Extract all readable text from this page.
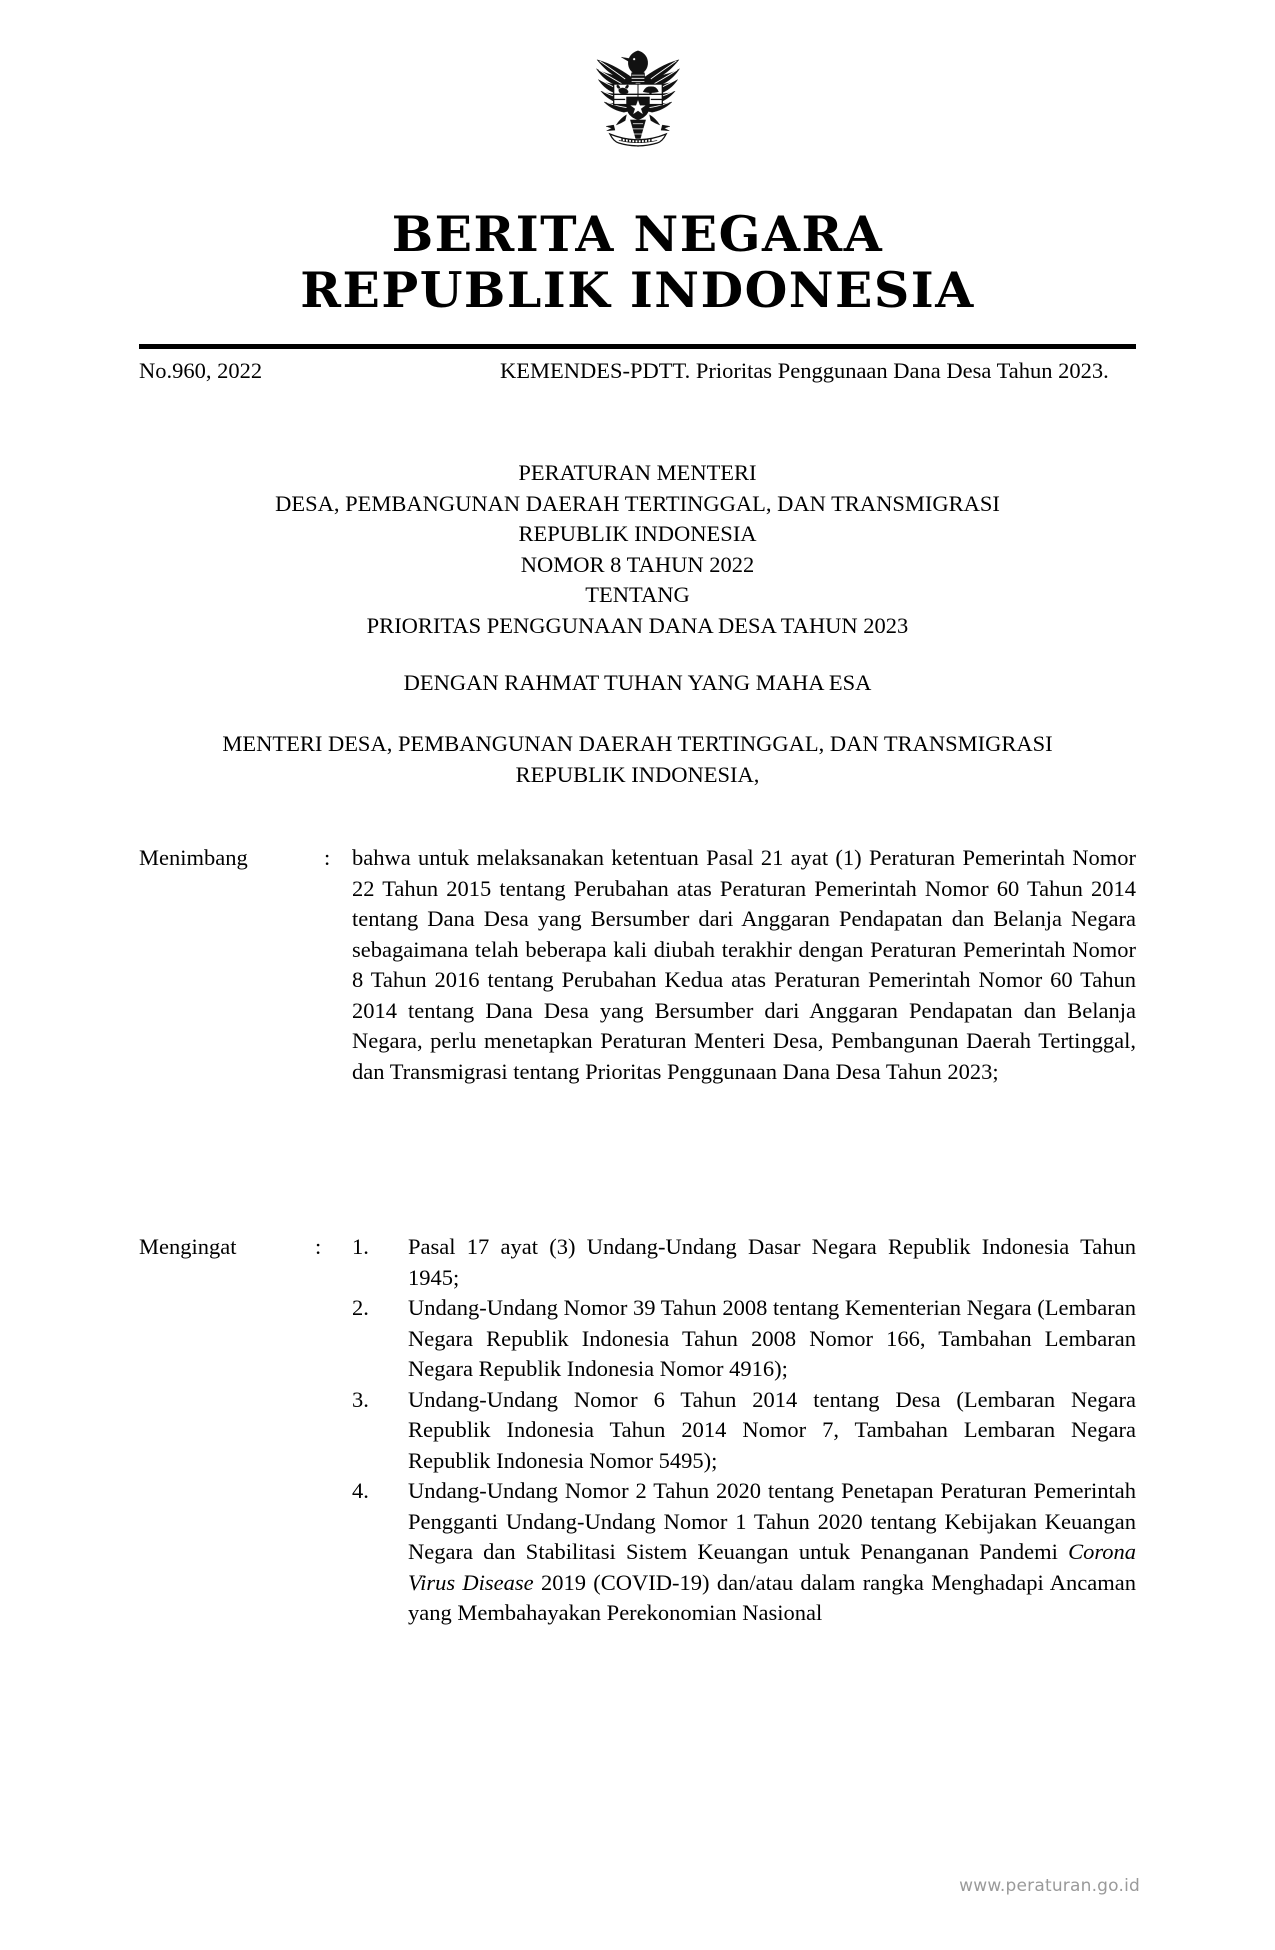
BERITA NEGARA
REPUBLIK INDONESIA
No.960, 2022	KEMENDES-PDTT. Prioritas Penggunaan Dana Desa Tahun 2023.
PERATURAN MENTERI
DESA, PEMBANGUNAN DAERAH TERTINGGAL, DAN TRANSMIGRASI
REPUBLIK INDONESIA
NOMOR 8 TAHUN 2022
TENTANG
PRIORITAS PENGGUNAAN DANA DESA TAHUN 2023
DENGAN RAHMAT TUHAN YANG MAHA ESA
MENTERI DESA, PEMBANGUNAN DAERAH TERTINGGAL, DAN TRANSMIGRASI
REPUBLIK INDONESIA,
Menimbang	: bahwa untuk melaksanakan ketentuan Pasal 21 ayat (1) Peraturan Pemerintah Nomor 22 Tahun 2015 tentang Perubahan atas Peraturan Pemerintah Nomor 60 Tahun 2014 tentang Dana Desa yang Bersumber dari Anggaran Pendapatan dan Belanja Negara sebagaimana telah beberapa kali diubah terakhir dengan Peraturan Pemerintah Nomor 8 Tahun 2016 tentang Perubahan Kedua atas Peraturan Pemerintah Nomor 60 Tahun 2014 tentang Dana Desa yang Bersumber dari Anggaran Pendapatan dan Belanja Negara, perlu menetapkan Peraturan Menteri Desa, Pembangunan Daerah Tertinggal, dan Transmigrasi tentang Prioritas Penggunaan Dana Desa Tahun 2023;
Mengingat	:	1.	Pasal 17 ayat (3) Undang-Undang Dasar Negara Republik Indonesia Tahun 1945;
2.	Undang-Undang Nomor 39 Tahun 2008 tentang Kementerian Negara (Lembaran Negara Republik Indonesia Tahun 2008 Nomor 166, Tambahan Lembaran Negara Republik Indonesia Nomor 4916);
3.	Undang-Undang Nomor 6 Tahun 2014 tentang Desa (Lembaran Negara Republik Indonesia Tahun 2014 Nomor 7, Tambahan Lembaran Negara Republik Indonesia Nomor 5495);
4.	Undang-Undang Nomor 2 Tahun 2020 tentang Penetapan Peraturan Pemerintah Pengganti Undang-Undang Nomor 1 Tahun 2020 tentang Kebijakan Keuangan Negara dan Stabilitasi Sistem Keuangan untuk Penanganan Pandemi Corona Virus Disease 2019 (COVID-19) dan/atau dalam rangka Menghadapi Ancaman yang Membahayakan Perekonomian Nasional
www.peraturan.go.id
